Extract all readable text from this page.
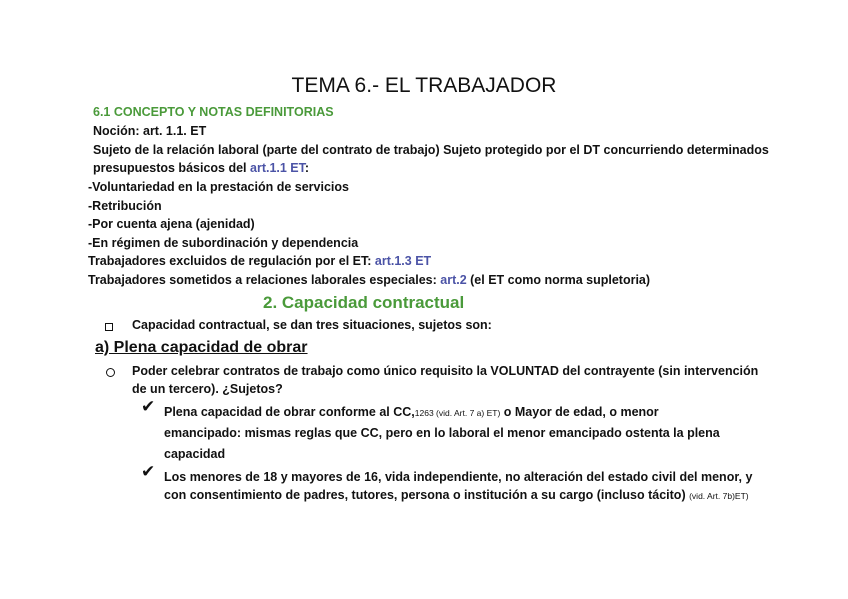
TEMA 6.- EL TRABAJADOR
6.1 CONCEPTO Y NOTAS DEFINITORIAS
Noción: art. 1.1. ET
Sujeto de la relación laboral (parte del contrato de trabajo) Sujeto protegido por el DT concurriendo determinados
presupuestos básicos del art.1.1 ET:
-Voluntariedad en la prestación de servicios
-Retribución
-Por cuenta ajena (ajenidad)
-En régimen de subordinación y dependencia
Trabajadores excluidos de regulación por el ET: art.1.3 ET
Trabajadores sometidos a relaciones laborales especiales: art.2 (el ET como norma supletoria)
2. Capacidad contractual
Capacidad contractual, se dan tres situaciones, sujetos son:
a) Plena capacidad de obrar
Poder celebrar contratos de trabajo como único requisito la VOLUNTAD del contrayente (sin intervención
de un tercero). ¿Sujetos?
✔ Plena capacidad de obrar conforme al CC,1263 (vid. Art. 7 a) ET) o Mayor de edad, o menor
emancipado: mismas reglas que CC, pero en lo laboral el menor emancipado ostenta la plena
capacidad
✔ Los menores de 18 y mayores de 16, vida independiente, no alteración del estado civil del menor, y
con consentimiento de padres, tutores, persona o institución a su cargo (incluso tácito) (vid. Art. 7b)ET)
